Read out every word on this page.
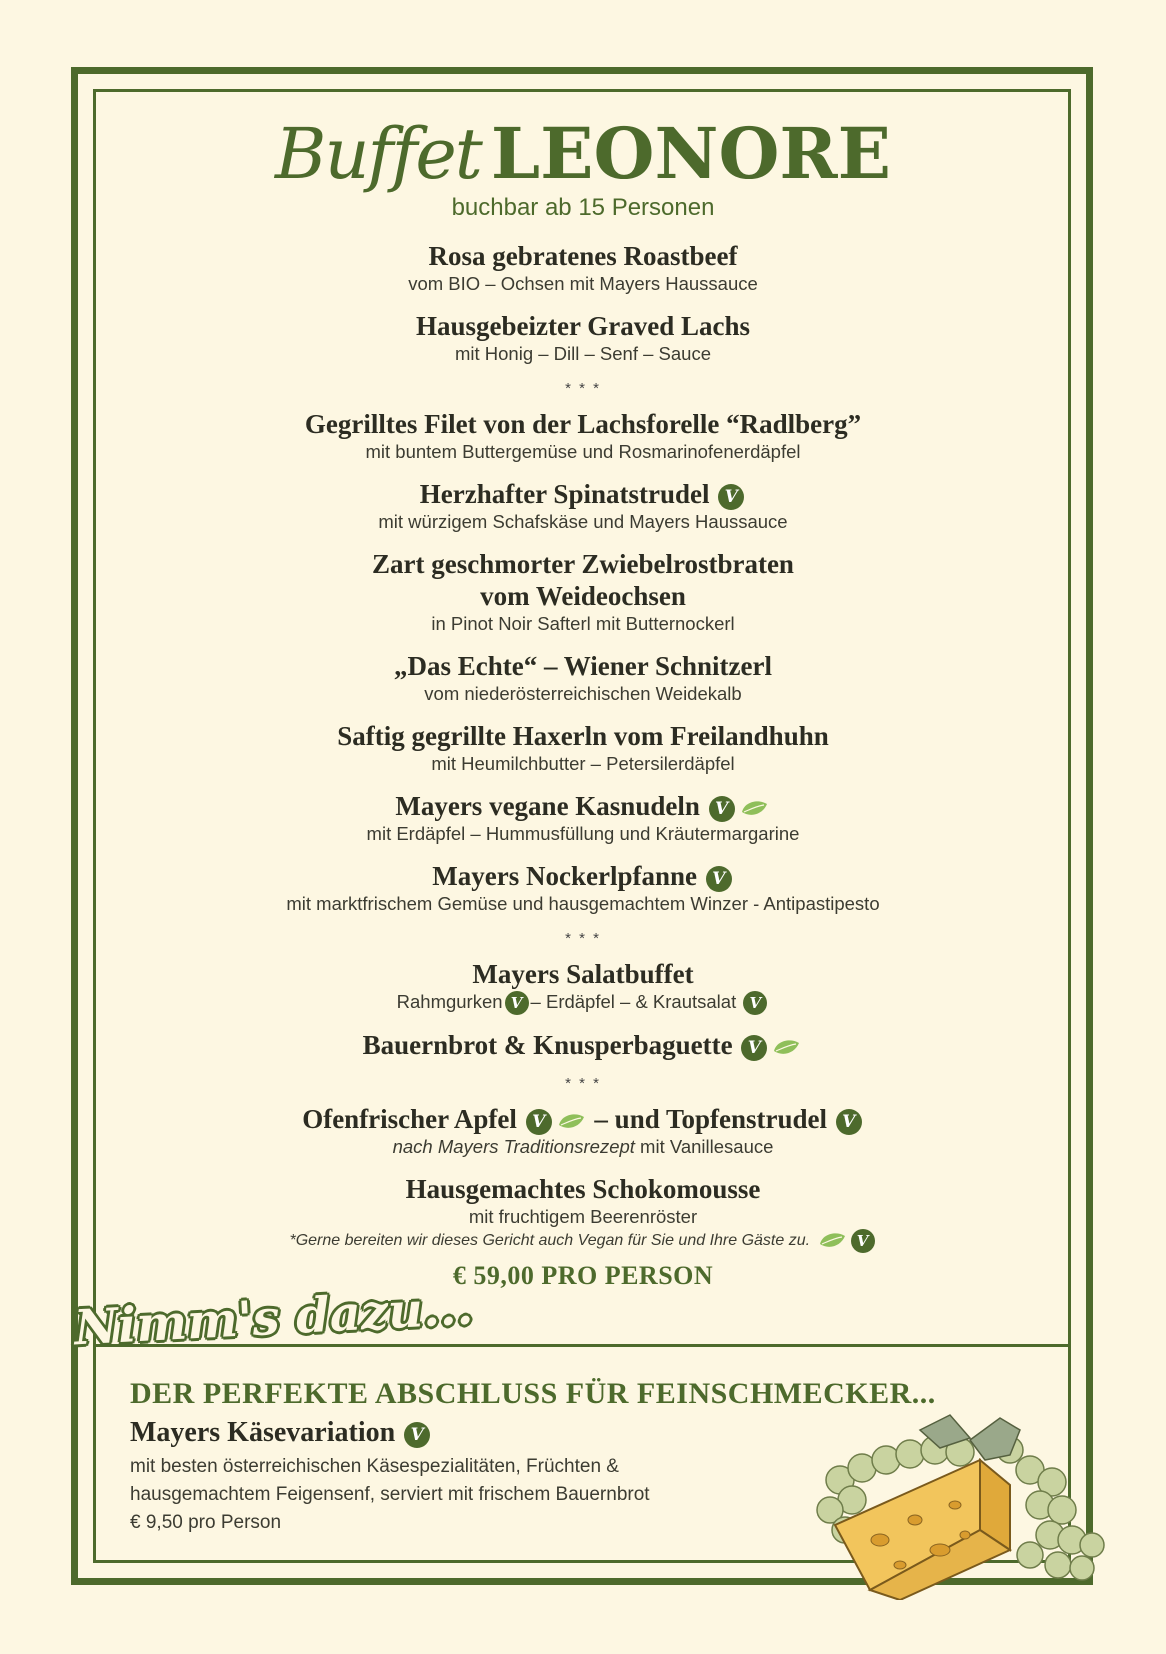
Buffet LEONORE
buchbar ab 15 Personen
Rosa gebratenes Roastbeef
vom BIO – Ochsen mit Mayers Haussauce
Hausgebeizter Graved Lachs
mit Honig – Dill – Senf – Sauce
* * *
Gegrilltes Filet von der Lachsforelle “Radlberg”
mit buntem Buttergemüse und Rosmarinofenerdäpfel
Herzhafter Spinatstrudel V
mit würzigem Schafskäse und Mayers Haussauce
Zart geschmorter Zwiebelrostbraten
vom Weideochsen
in Pinot Noir Safterl mit Butternockerl
„Das Echte“ – Wiener Schnitzerl
vom niederösterreichischen Weidekalb
Saftig gegrillte Haxerln vom Freilandhuhn
mit Heumilchbutter – Petersilerdäpfel
Mayers vegane Kasnudeln V
mit Erdäpfel – Hummusfüllung und Kräutermargarine
Mayers Nockerlpfanne V
mit marktfrischem Gemüse und hausgemachtem Winzer - Antipastipesto
* * *
Mayers Salatbuffet
Rahmgurken V – Erdäpfel – & Krautsalat V
Bauernbrot & Knusperbaguette V
* * *
Ofenfrischer Apfel V – und Topfenstrudel V
nach Mayers Traditionsrezept mit Vanillesauce
Hausgemachtes Schokomousse
mit fruchtigem Beerenröster
*Gerne bereiten wir dieses Gericht auch Vegan für Sie und Ihre Gäste zu.	V
€ 59,00 PRO PERSON
Nimm's dazu...
DER PERFEKTE ABSCHLUSS FÜR FEINSCHMECKER...
Mayers Käsevariation V
mit besten österreichischen Käsespezialitäten, Früchten &
hausgemachtem Feigensenf, serviert mit frischem Bauernbrot
€ 9,50 pro Person
